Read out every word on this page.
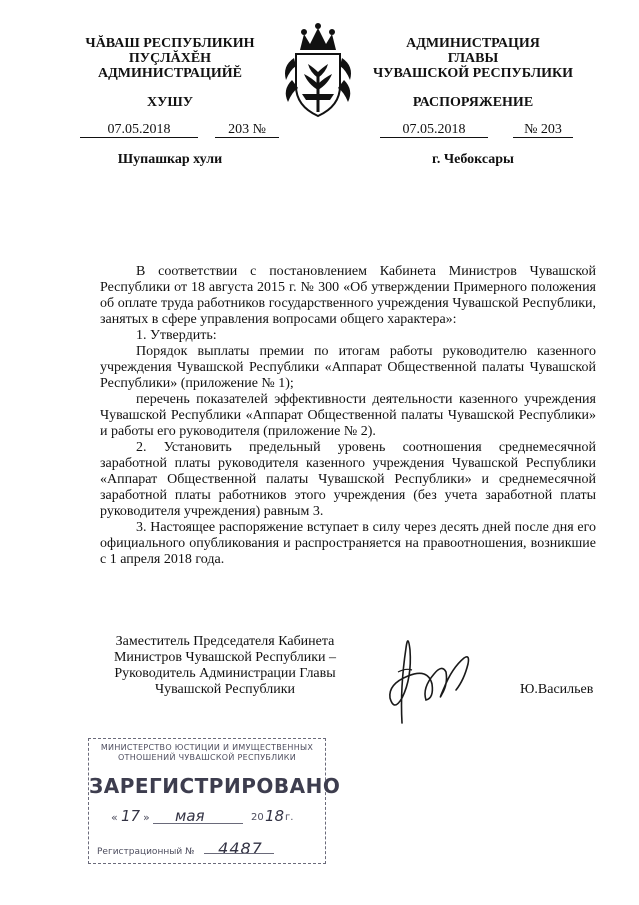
ЧĂВАШ РЕСПУБЛИКИН
ПУÇЛĂХĔН
АДМИНИСТРАЦИЙĔ
АДМИНИСТРАЦИЯ
ГЛАВЫ
ЧУВАШСКОЙ РЕСПУБЛИКИ
ХУШУ	РАСПОРЯЖЕНИЕ
07.05.2018	203 №	07.05.2018	№ 203
Шупашкар хули	г. Чебоксары

В соответствии с постановлением Кабинета Министров Чувашской Республики от 18 августа 2015 г. № 300 «Об утверждении Примерного положения об оплате труда работников государственного учреждения Чувашской Республики, занятых в сфере управления вопросами общего характера»:

1. Утвердить:

Порядок выплаты премии по итогам работы руководителю казенного учреждения Чувашской Республики «Аппарат Общественной палаты Чувашской Республики» (приложение № 1);

перечень показателей эффективности деятельности казенного учреждения Чувашской Республики «Аппарат Общественной палаты Чувашской Республики» и работы его руководителя (приложение № 2).

2. Установить предельный уровень соотношения среднемесячной заработной платы руководителя казенного учреждения Чувашской Республики «Аппарат Общественной палаты Чувашской Республики» и среднемесячной заработной платы работников этого учреждения (без учета заработной платы руководителя учреждения) равным 3.

3. Настоящее распоряжение вступает в силу через десять дней после дня его официального опубликования и распространяется на правоотношения, возникшие с 1 апреля 2018 года.

Заместитель Председателя Кабинета
Министров Чувашской Республики –
Руководитель Администрации Главы
Чувашской Республики	Ю.Васильев
МИНИСТЕРСТВО ЮСТИЦИИ И ИМУЩЕСТВЕННЫХ
ОТНОШЕНИЙ ЧУВАШСКОЙ РЕСПУБЛИКИ
ЗАРЕГИСТРИРОВАНО
« 17 » мая	20 18 г.
Регистрационный № 4487
